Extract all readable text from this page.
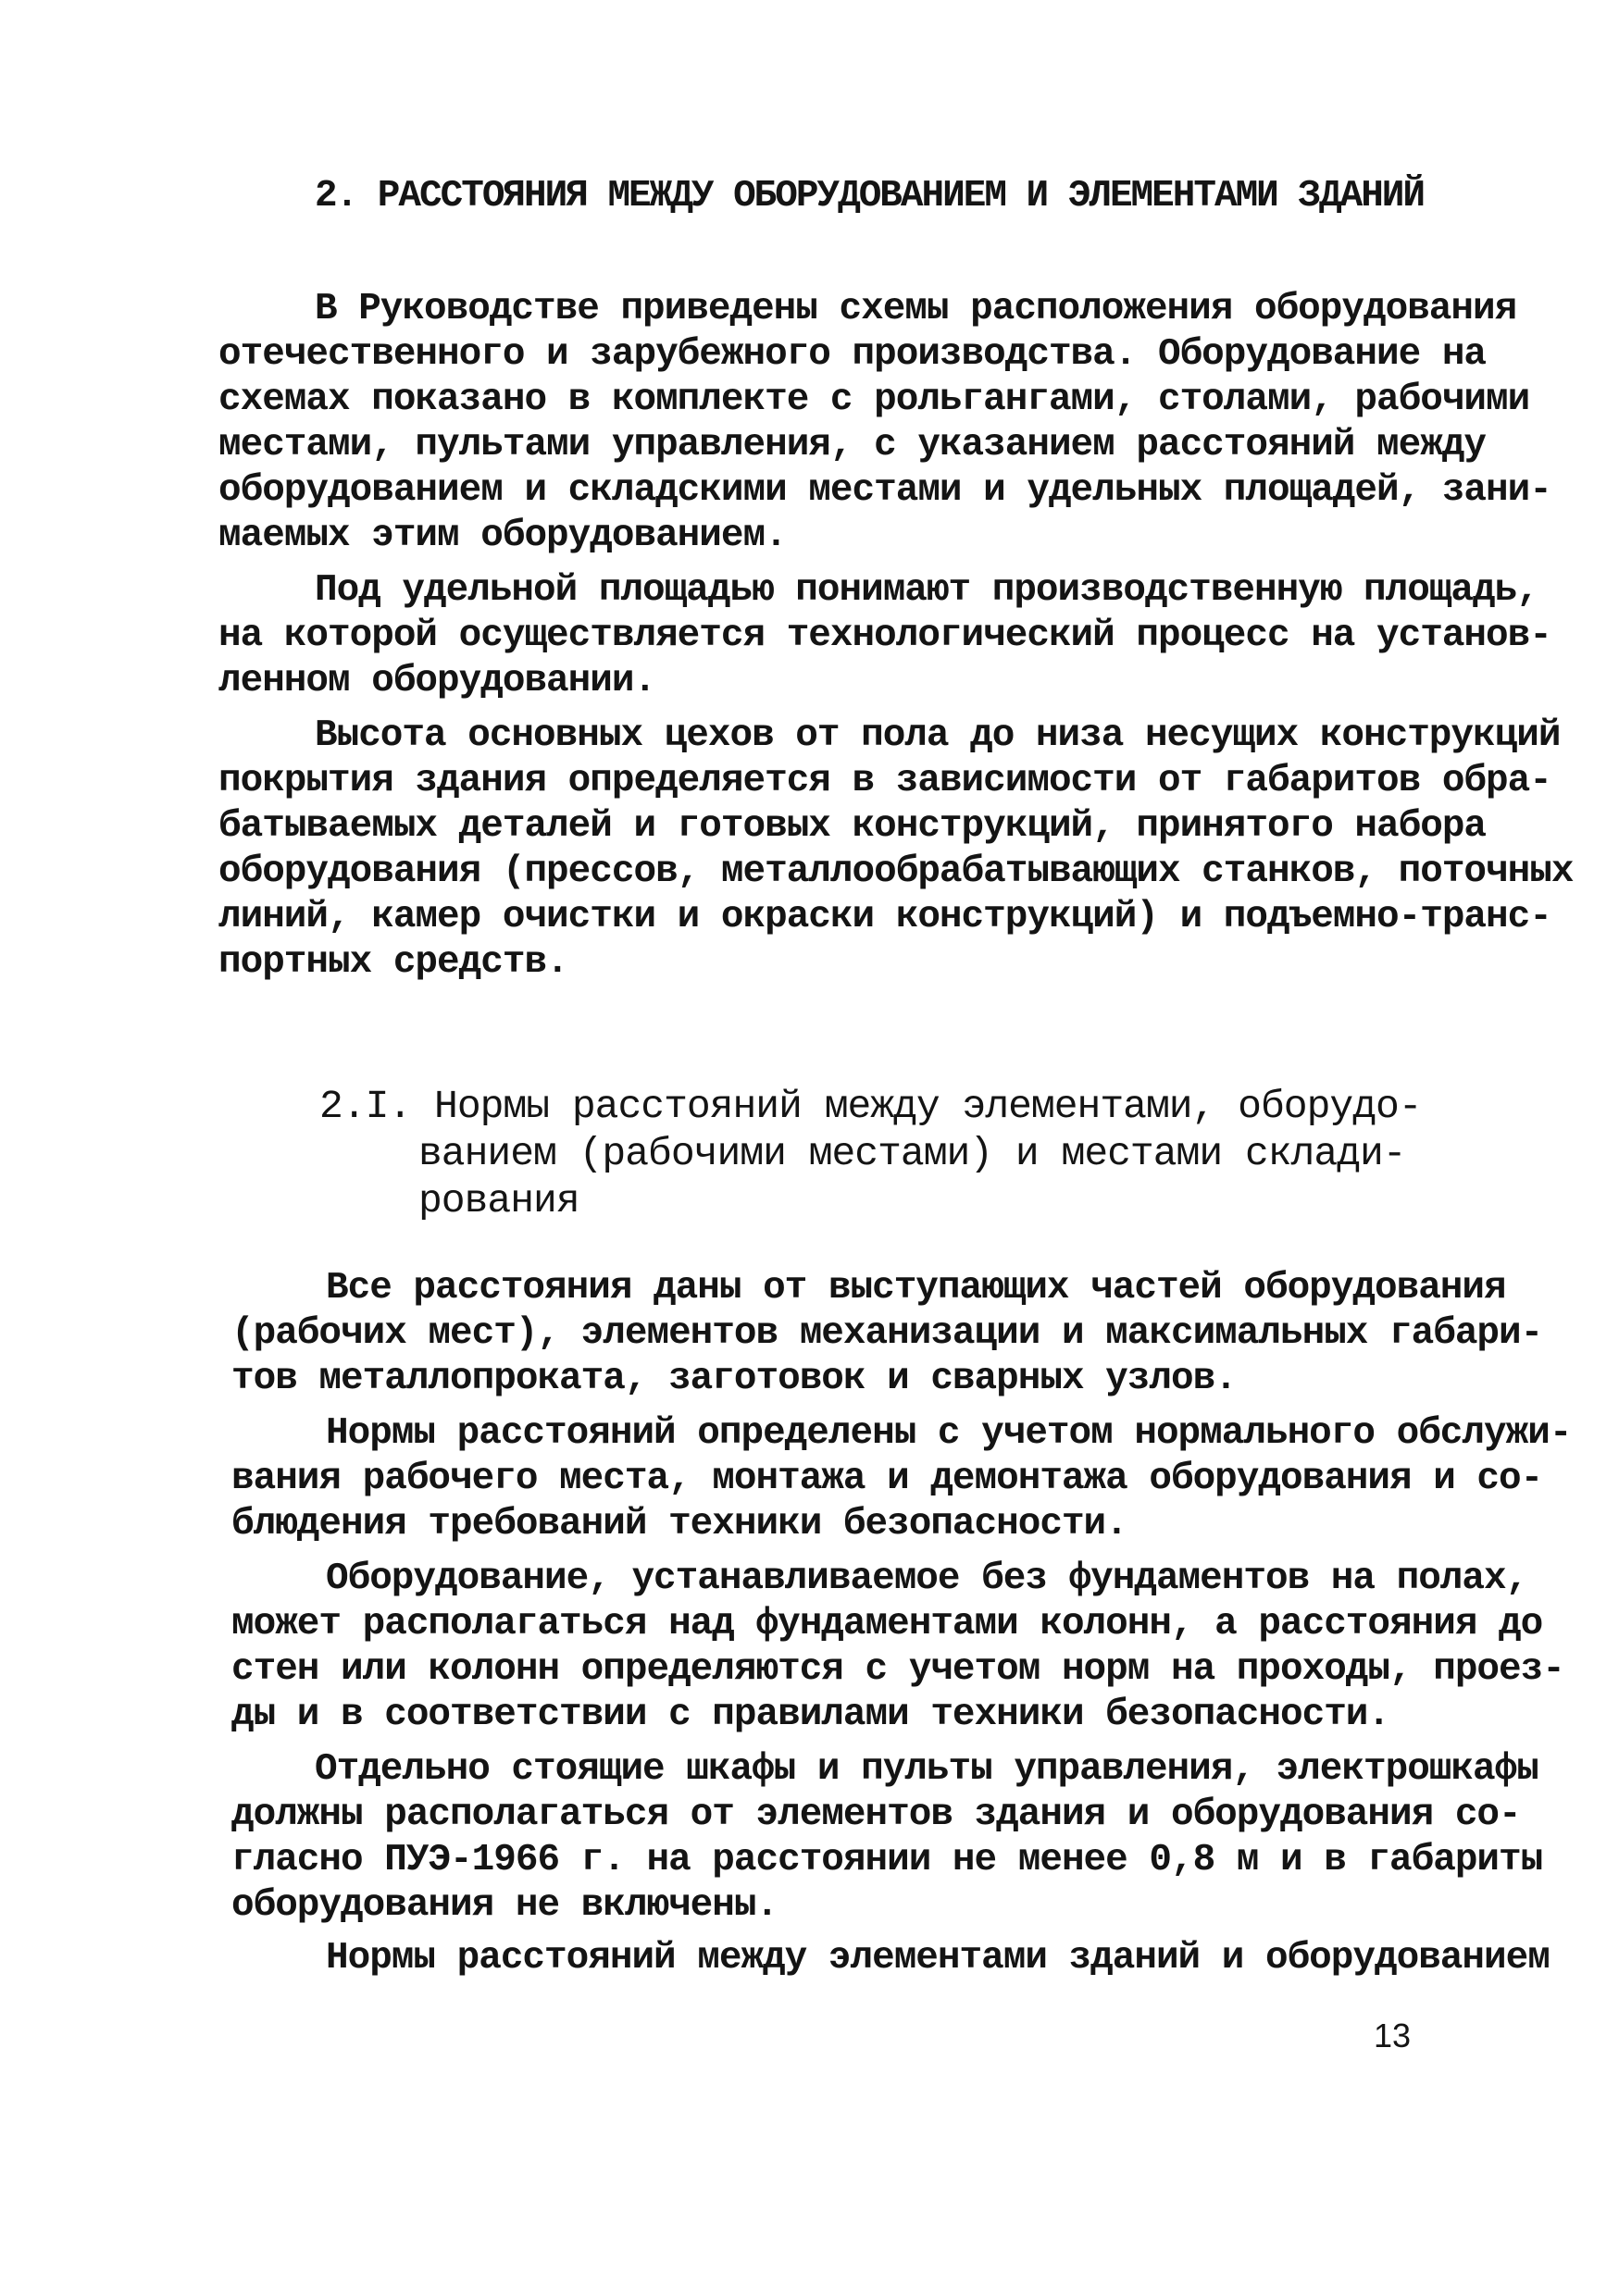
2. РАССТОЯНИЯ МЕЖДУ ОБОРУДОВАНИЕМ И ЭЛЕМЕНТАМИ ЗДАНИЙ
В Руководстве приведены схемы расположения оборудования
отечественного и зарубежного производства. Оборудование на
схемах показано в комплекте с рольгангами, столами, рабочими
местами, пультами управления, с указанием расстояний между
оборудованием и складскими местами и удельных площадей, зани-
маемых этим оборудованием.
Под удельной площадью понимают производственную площадь,
на которой осуществляется технологический процесс на установ-
ленном оборудовании.
Высота основных цехов от пола до низа несущих конструкций
покрытия здания определяется в зависимости от габаритов обра-
батываемых деталей и готовых конструкций, принятого набора
оборудования (прессов, металлообрабатывающих станков, поточных
линий, камер очистки и окраски конструкций) и подъемно-транс-
портных средств.
2.I. Нормы расстояний между элементами, оборудо-
ванием (рабочими местами) и местами склади-
рования
Все расстояния даны от выступающих частей оборудования
(рабочих мест), элементов механизации и максимальных габари-
тов металлопроката, заготовок и сварных узлов.
Нормы расстояний определены с учетом нормального обслужи-
вания рабочего места, монтажа и демонтажа оборудования и со-
блюдения требований техники безопасности.
Оборудование, устанавливаемое без фундаментов на полах,
может располагаться над фундаментами колонн, а расстояния до
стен или колонн определяются с учетом норм на проходы, проез-
ды и в соответствии с правилами техники безопасности.
Отдельно стоящие шкафы и пульты управления, электрошкафы
должны располагаться от элементов здания и оборудования со-
гласно ПУЭ-1966 г. на расстоянии не менее 0,8 м и в габариты
оборудования не включены.
Нормы расстояний между элементами зданий и оборудованием
13
